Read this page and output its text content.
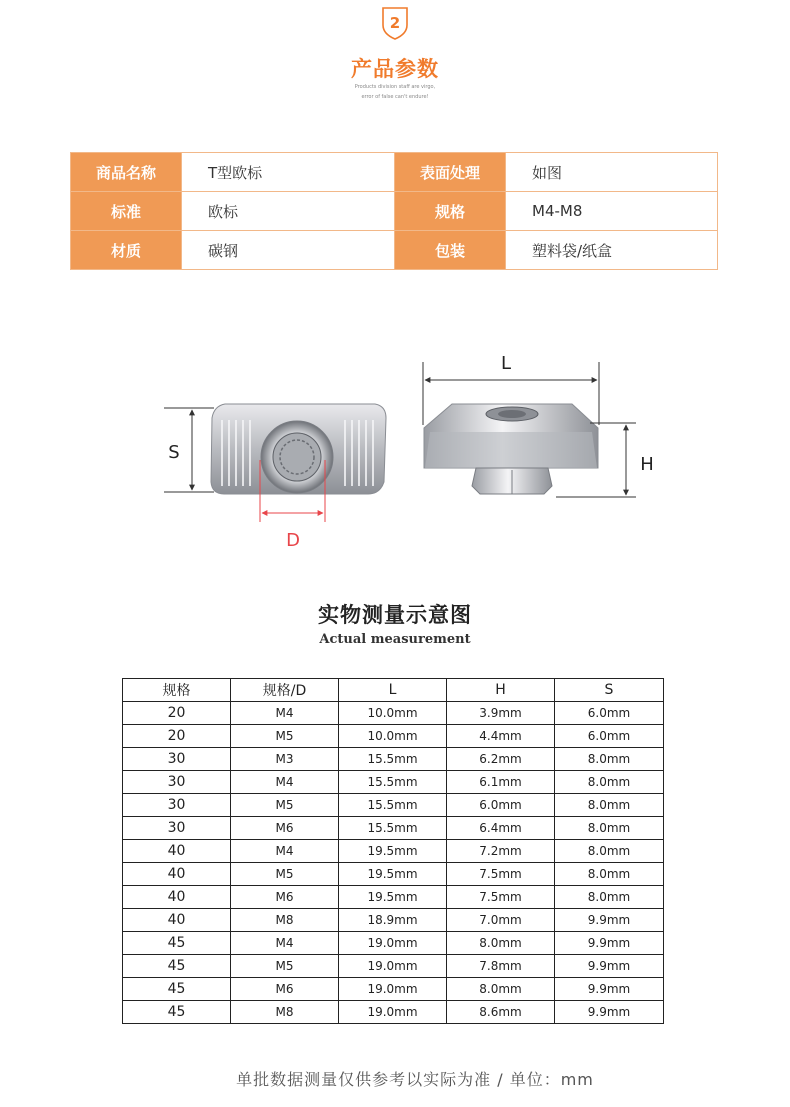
2
产品参数
Products division staff are virgo,
error of false can't endure!
商品名称	T型欧标	表面处理	如图
标准	欧标	规格	M4-M8
材质	碳钢	包装	塑料袋/纸盒
S
D
L
H
实物测量示意图
Actual measurement
规格	规格/D	L	H	S
20	M4	10.0mm	3.9mm	6.0mm
20	M5	10.0mm	4.4mm	6.0mm
30	M3	15.5mm	6.2mm	8.0mm
30	M4	15.5mm	6.1mm	8.0mm
30	M5	15.5mm	6.0mm	8.0mm
30	M6	15.5mm	6.4mm	8.0mm
40	M4	19.5mm	7.2mm	8.0mm
40	M5	19.5mm	7.5mm	8.0mm
40	M6	19.5mm	7.5mm	8.0mm
40	M8	18.9mm	7.0mm	9.9mm
45	M4	19.0mm	8.0mm	9.9mm
45	M5	19.0mm	7.8mm	9.9mm
45	M6	19.0mm	8.0mm	9.9mm
45	M8	19.0mm	8.6mm	9.9mm
单批数据测量仅供参考以实际为准 / 单位：mm
